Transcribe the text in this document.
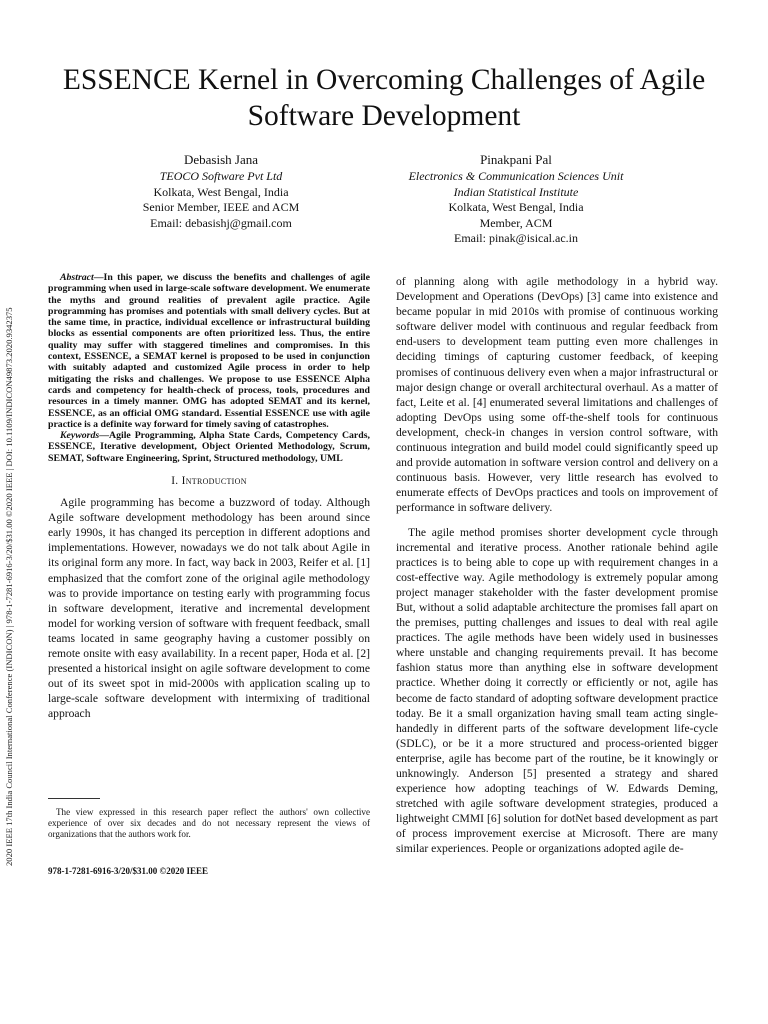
ESSENCE Kernel in Overcoming Challenges of Agile Software Development
Debasish Jana
TEOCO Software Pvt Ltd
Kolkata, West Bengal, India
Senior Member, IEEE and ACM
Email: debasishj@gmail.com
Pinakpani Pal
Electronics & Communication Sciences Unit
Indian Statistical Institute
Kolkata, West Bengal, India
Member, ACM
Email: pinak@isical.ac.in
2020 IEEE 17th India Council International Conference (INDICON) | 978-1-7281-6916-3/20/$31.00 ©2020 IEEE | DOI: 10.1109/INDICON49873.2020.9342375

Abstract—In this paper, we discuss the benefits and challenges of agile programming when used in large-scale software development. We enumerate the myths and ground realities of prevalent agile practice. Agile programming has promises and potentials with small delivery cycles. But at the same time, in practice, individual excellence or infrastructural building blocks as essential components are often prioritized less. Thus, the entire quality may suffer with staggered timelines and compromises. In this context, ESSENCE, a SEMAT kernel is proposed to be used in conjunction with suitably adapted and customized Agile process in order to help mitigating the risks and challenges. We propose to use ESSENCE Alpha cards and competency for health-check of process, tools, procedures and resources in a timely manner. OMG has adopted SEMAT and its kernel, ESSENCE, as an official OMG standard. Essential ESSENCE use with agile practice is a definite way forward for timely saving of catastrophes.

Keywords—Agile Programming, Alpha State Cards, Competency Cards, ESSENCE, Iterative development, Object Oriented Methodology, Scrum, SEMAT, Software Engineering, Sprint, Structured methodology, UML

I. Introduction

Agile programming has become a buzzword of today. Although Agile software development methodology has been around since early 1990s, it has changed its perception in different adoptions and implementations. However, nowadays we do not talk about Agile in its original form any more. In fact, way back in 2003, Reifer et al. [1] emphasized that the comfort zone of the original agile methodology was to provide importance on testing early with programming focus in software development, iterative and incremental development model for working version of software with frequent feedback, small teams located in same geography having a customer possibly on remote onsite with easy availability. In a recent paper, Hoda et al. [2] presented a historical insight on agile software development to come out of its sweet spot in mid-2000s with application scaling up to large-scale software development with intermixing of traditional approach

The view expressed in this research paper reflect the authors' own collective experience of over six decades and do not necessary represent the views of organizations that the authors work for.

978-1-7281-6916-3/20/$31.00 ©2020 IEEE

of planning along with agile methodology in a hybrid way. Development and Operations (DevOps) [3] came into existence and became popular in mid 2010s with promise of continuous working software deliver model with continuous and regular feedback from end-users to development team putting even more challenges in deciding timings of capturing customer feedback, of keeping promises of continuous delivery even when a major infrastructural or major design change or overall architectural overhaul. As a matter of fact, Leite et al. [4] enumerated several limitations and challenges of adopting DevOps using some off-the-shelf tools for continuous development, check-in changes in version control software, with continuous integration and build model could significantly speed up and provide automation in software version control and delivery on a continuous basis. However, very little research has evolved to enumerate effects of DevOps practices and tools on improvement of performance in software delivery.

The agile method promises shorter development cycle through incremental and iterative process. Another rationale behind agile practices is to being able to cope up with requirement changes in a cost-effective way. Agile methodology is extremely popular among project manager stakeholder with the faster development promise But, without a solid adaptable architecture the promises fall apart on the premises, putting challenges and issues to deal with real agile practices. The agile methods have been widely used in businesses where unstable and changing requirements prevail. It has become fashion status more than anything else in software development practice. Whether doing it correctly or efficiently or not, agile has become de facto standard of adopting software development practice today. Be it a small organization having small team acting single-handedly in different parts of the software development life-cycle (SDLC), or be it a more structured and process-oriented bigger enterprise, agile has become part of the routine, be it knowingly or unknowingly. Anderson [5] presented a strategy and shared experience how adopting teachings of W. Edwards Deming, stretched with agile software development strategies, produced a lightweight CMMI [6] solution for dotNet based development as part of process improvement exercise at Microsoft. There are many similar experiences. People or organizations adopted agile de-
